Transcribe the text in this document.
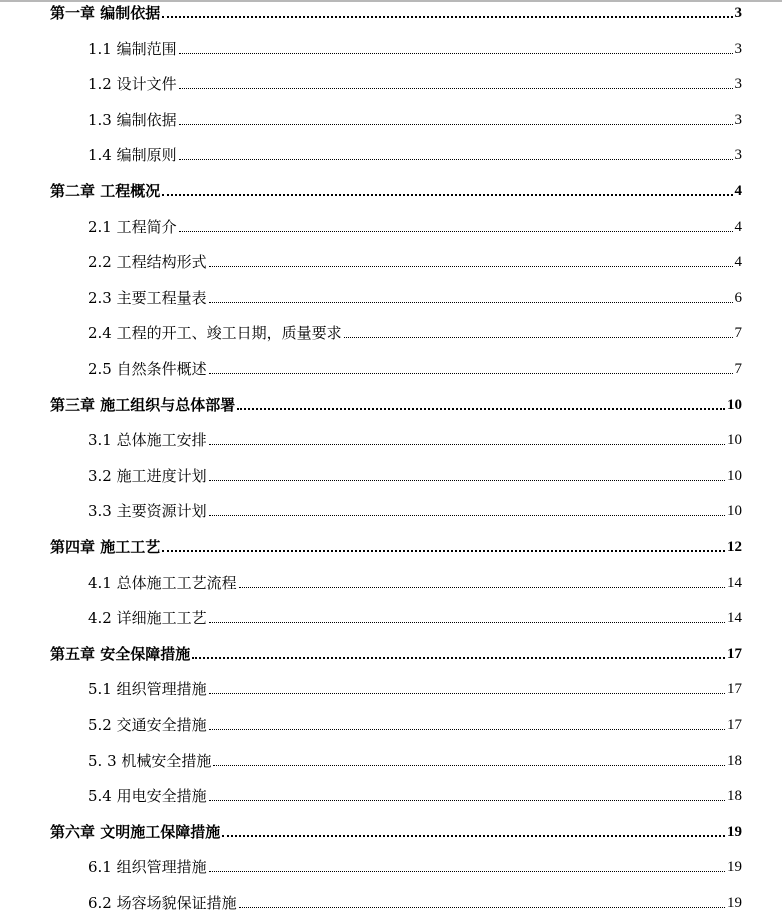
第一章 编制依据	3
1.1 编制范围	3
1.2 设计文件	3
1.3 编制依据	3
1.4 编制原则	3
第二章 工程概况	4
2.1 工程简介	4
2.2 工程结构形式	4
2.3 主要工程量表	6
2.4 工程的开工、竣工日期，质量要求	7
2.5 自然条件概述	7
第三章 施工组织与总体部署	10
3.1 总体施工安排	10
3.2 施工进度计划	10
3.3 主要资源计划	10
第四章 施工工艺	12
4.1 总体施工工艺流程	14
4.2 详细施工工艺	14
第五章 安全保障措施	17
5.1 组织管理措施	17
5.2 交通安全措施	17
5. 3 机械安全措施	18
5.4 用电安全措施	18
第六章 文明施工保障措施	19
6.1 组织管理措施	19
6.2 场容场貌保证措施	19
